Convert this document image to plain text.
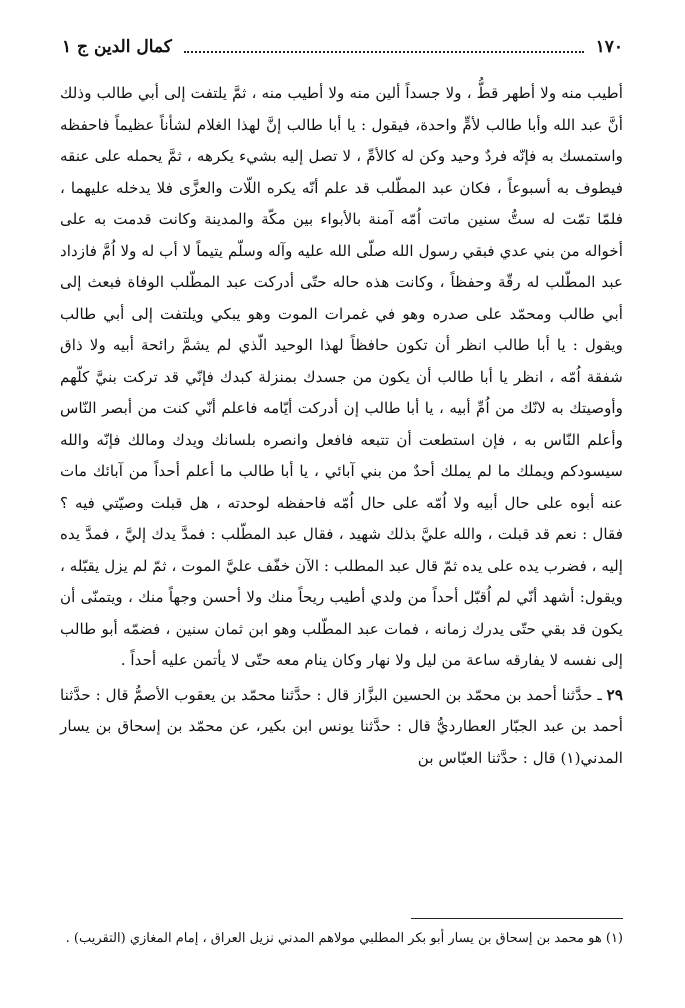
١٧٠
كمال الدين ج ١

أطيب منه ولا أطهر قطُّ ، ولا جسداً ألين منه ولا أطيب منه ، ثمَّ يلتفت إلى أبي طالب وذلك أنَّ عبد الله وأبا طالب لأمٍّ واحدة، فيقول : يا أبا طالب إنَّ لهذا الغلام لشأناً عظيماً فاحفظه واستمسك به فإنّه فردٌ وحيد وكن له كالأمِّ ، لا تصل إليه بشيء يكرهه ، ثمَّ يحمله على عنقه فيطوف به أسبوعاً ، فكان عبد المطّلب قد علم أنّه يكره اللّات والعزَّى فلا يدخله عليهما ، فلمّا تمّت له ستُّ سنين ماتت اُمّه آمنة بالأبواء بين مكّة والمدينة وكانت قدمت به على أخواله من بني عدي فبقي رسول الله صلّى الله عليه وآله وسلّم يتيماً لا أب له ولا اُمَّ فازداد عبد المطّلب له رقّة وحفظاً ، وكانت هذه حاله حتّى أدركت عبد المطّلب الوفاة فبعث إلى أبي طالب ومحمّد على صدره وهو في غمرات الموت وهو يبكي ويلتفت إلى أبي طالب ويقول : يا أبا طالب انظر أن تكون حافظاً لهذا الوحيد الّذي لم يشمَّ رائحة أبيه ولا ذاق شفقة اُمّه ، انظر يا أبا طالب أن يكون من جسدك بمنزلة كبدك فإنّي قد تركت بنيَّ كلّهم وأوصيتك به لانّك من اُمِّ أبيه ، يا أبا طالب إن أدركت أيّامه فاعلم أنّي كنت من أبصر النّاس وأعلم النّاس به ، فإن استطعت أن تتبعه فافعل وانصره بلسانك ويدك ومالك فإنّه والله سيسودكم ويملك ما لم يملك أحدٌ من بني آبائي ، يا أبا طالب ما أعلم أحداً من آبائك مات عنه أبوه على حال أبيه ولا اُمّه على حال اُمّه فاحفظه لوحدته ، هل قبلت وصيّتي فيه ؟ فقال : نعم قد قبلت ، والله عليَّ بذلك شهيد ، فقال عبد المطّلب : فمدَّ يدك إليَّ ، فمدَّ يده إليه ، فضرب يده على يده ثمّ قال عبد المطلب : الآن خفّف عليَّ الموت ، ثمّ لم يزل يقبّله ، ويقول: أشهد أنّي لم اُقبّل أحداً من ولدي أطيب ريحاً منك ولا أحسن وجهاً منك ، ويتمنّى أن يكون قد بقي حتّى يدرك زمانه ، فمات عبد المطّلب وهو ابن ثمان سنين ، فضمّه أبو طالب إلى نفسه لا يفارقه ساعة من ليل ولا نهار وكان ينام معه حتّى لا يأتمن عليه أحداً .

٢٩ ـ حدَّثنا أحمد بن محمّد بن الحسين البزَّاز قال : حدَّثنا محمّد بن يعقوب الأصمُّ قال : حدَّثنا أحمد بن عبد الجبّار العطارديُّ قال : حدَّثنا يونس ابن بكير، عن محمّد بن إسحاق بن يسار المدني(١) قال : حدَّثنا العبّاس بن

(١) هو محمد بن إسحاق بن يسار أبو بكر المطلبي مولاهم المدني نزيل العراق ، إمام المغازي (التقريب) .
